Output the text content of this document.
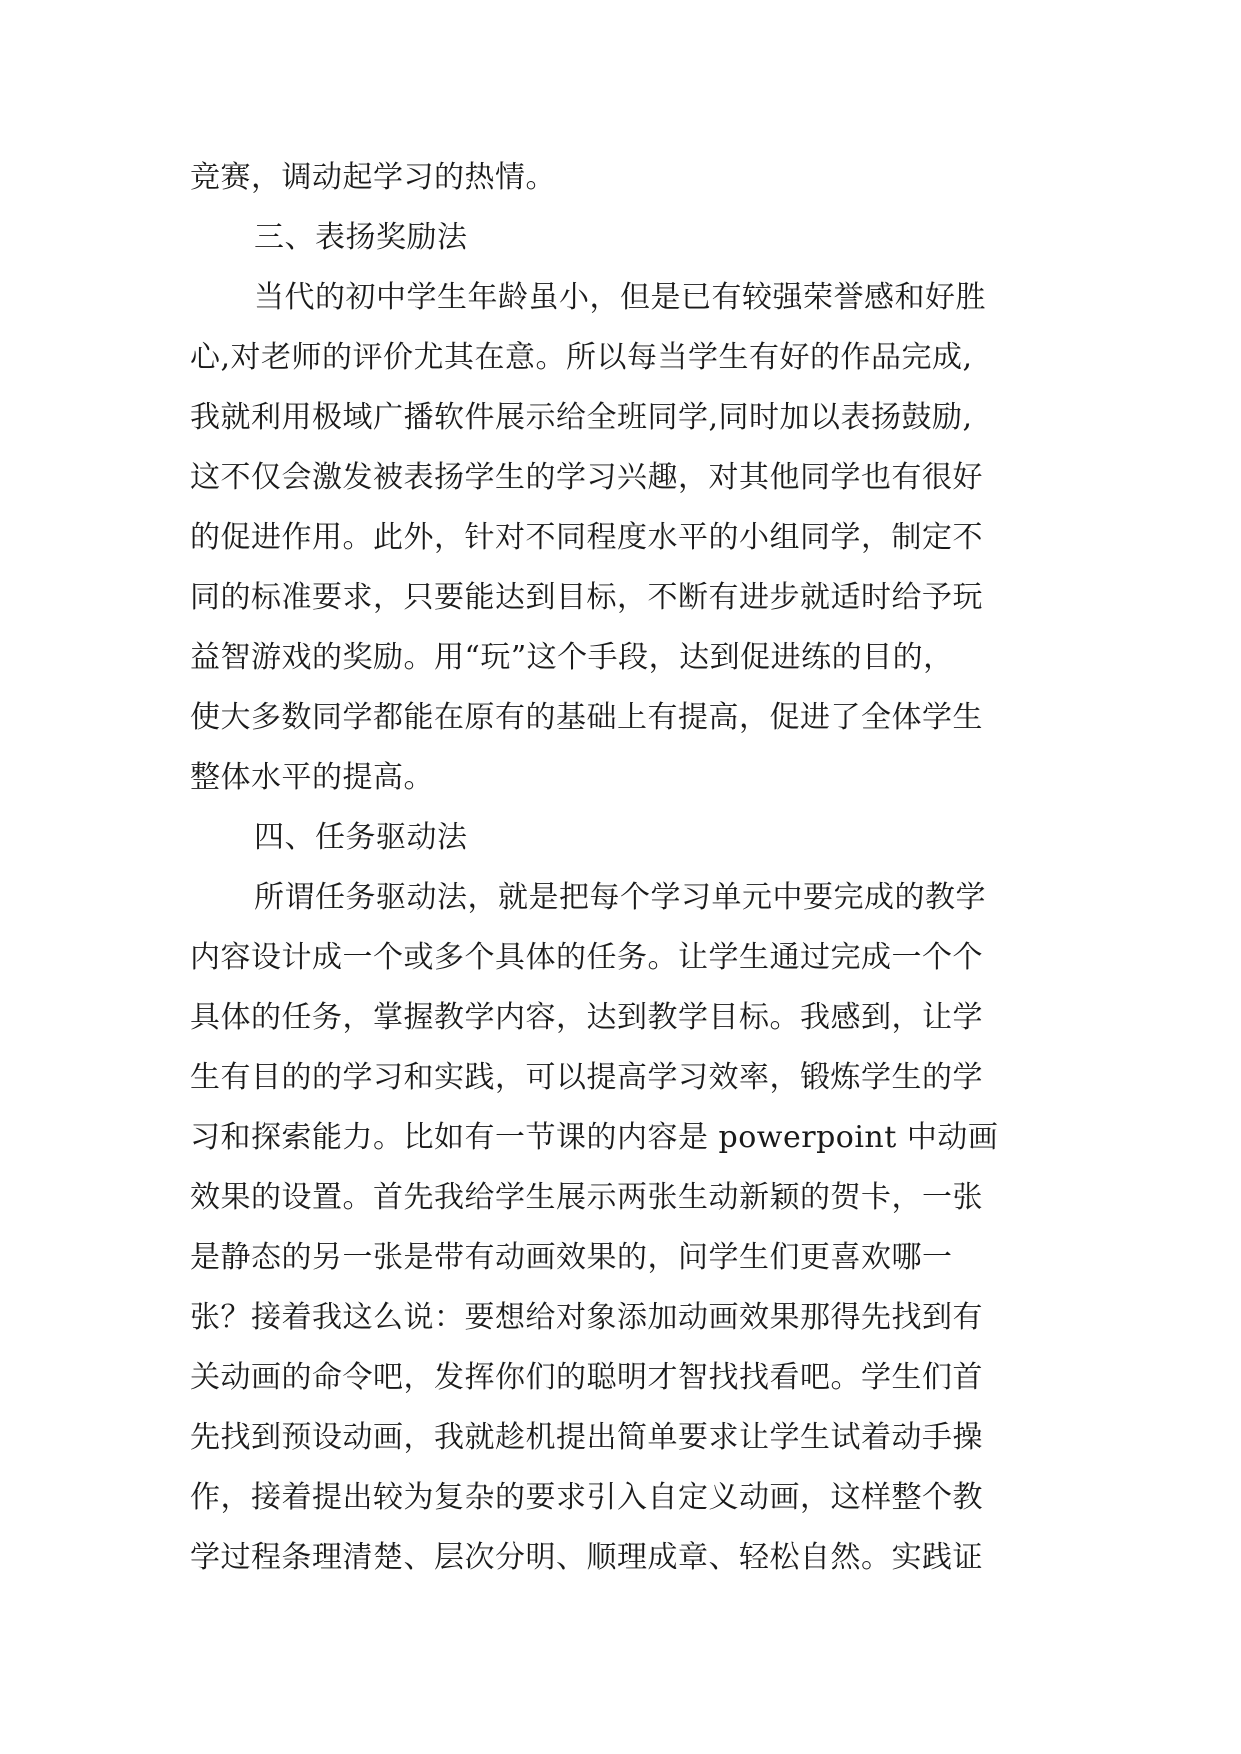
竞赛，调动起学习的热情。
三、表扬奖励法
当代的初中学生年龄虽小，但是已有较强荣誉感和好胜
心,对老师的评价尤其在意。所以每当学生有好的作品完成,
我就利用极域广播软件展示给全班同学,同时加以表扬鼓励,
这不仅会激发被表扬学生的学习兴趣，对其他同学也有很好
的促进作用。此外，针对不同程度水平的小组同学，制定不
同的标准要求，只要能达到目标，不断有进步就适时给予玩
益智游戏的奖励。用“玩”这个手段，达到促进练的目的，
使大多数同学都能在原有的基础上有提高，促进了全体学生
整体水平的提高。
四、任务驱动法
所谓任务驱动法，就是把每个学习单元中要完成的教学
内容设计成一个或多个具体的任务。让学生通过完成一个个
具体的任务，掌握教学内容，达到教学目标。我感到，让学
生有目的的学习和实践，可以提高学习效率，锻炼学生的学
习和探索能力。比如有一节课的内容是 powerpoint 中动画
效果的设置。首先我给学生展示两张生动新颖的贺卡，一张
是静态的另一张是带有动画效果的，问学生们更喜欢哪一
张？接着我这么说：要想给对象添加动画效果那得先找到有
关动画的命令吧，发挥你们的聪明才智找找看吧。学生们首
先找到预设动画，我就趁机提出简单要求让学生试着动手操
作，接着提出较为复杂的要求引入自定义动画，这样整个教
学过程条理清楚、层次分明、顺理成章、轻松自然。实践证
